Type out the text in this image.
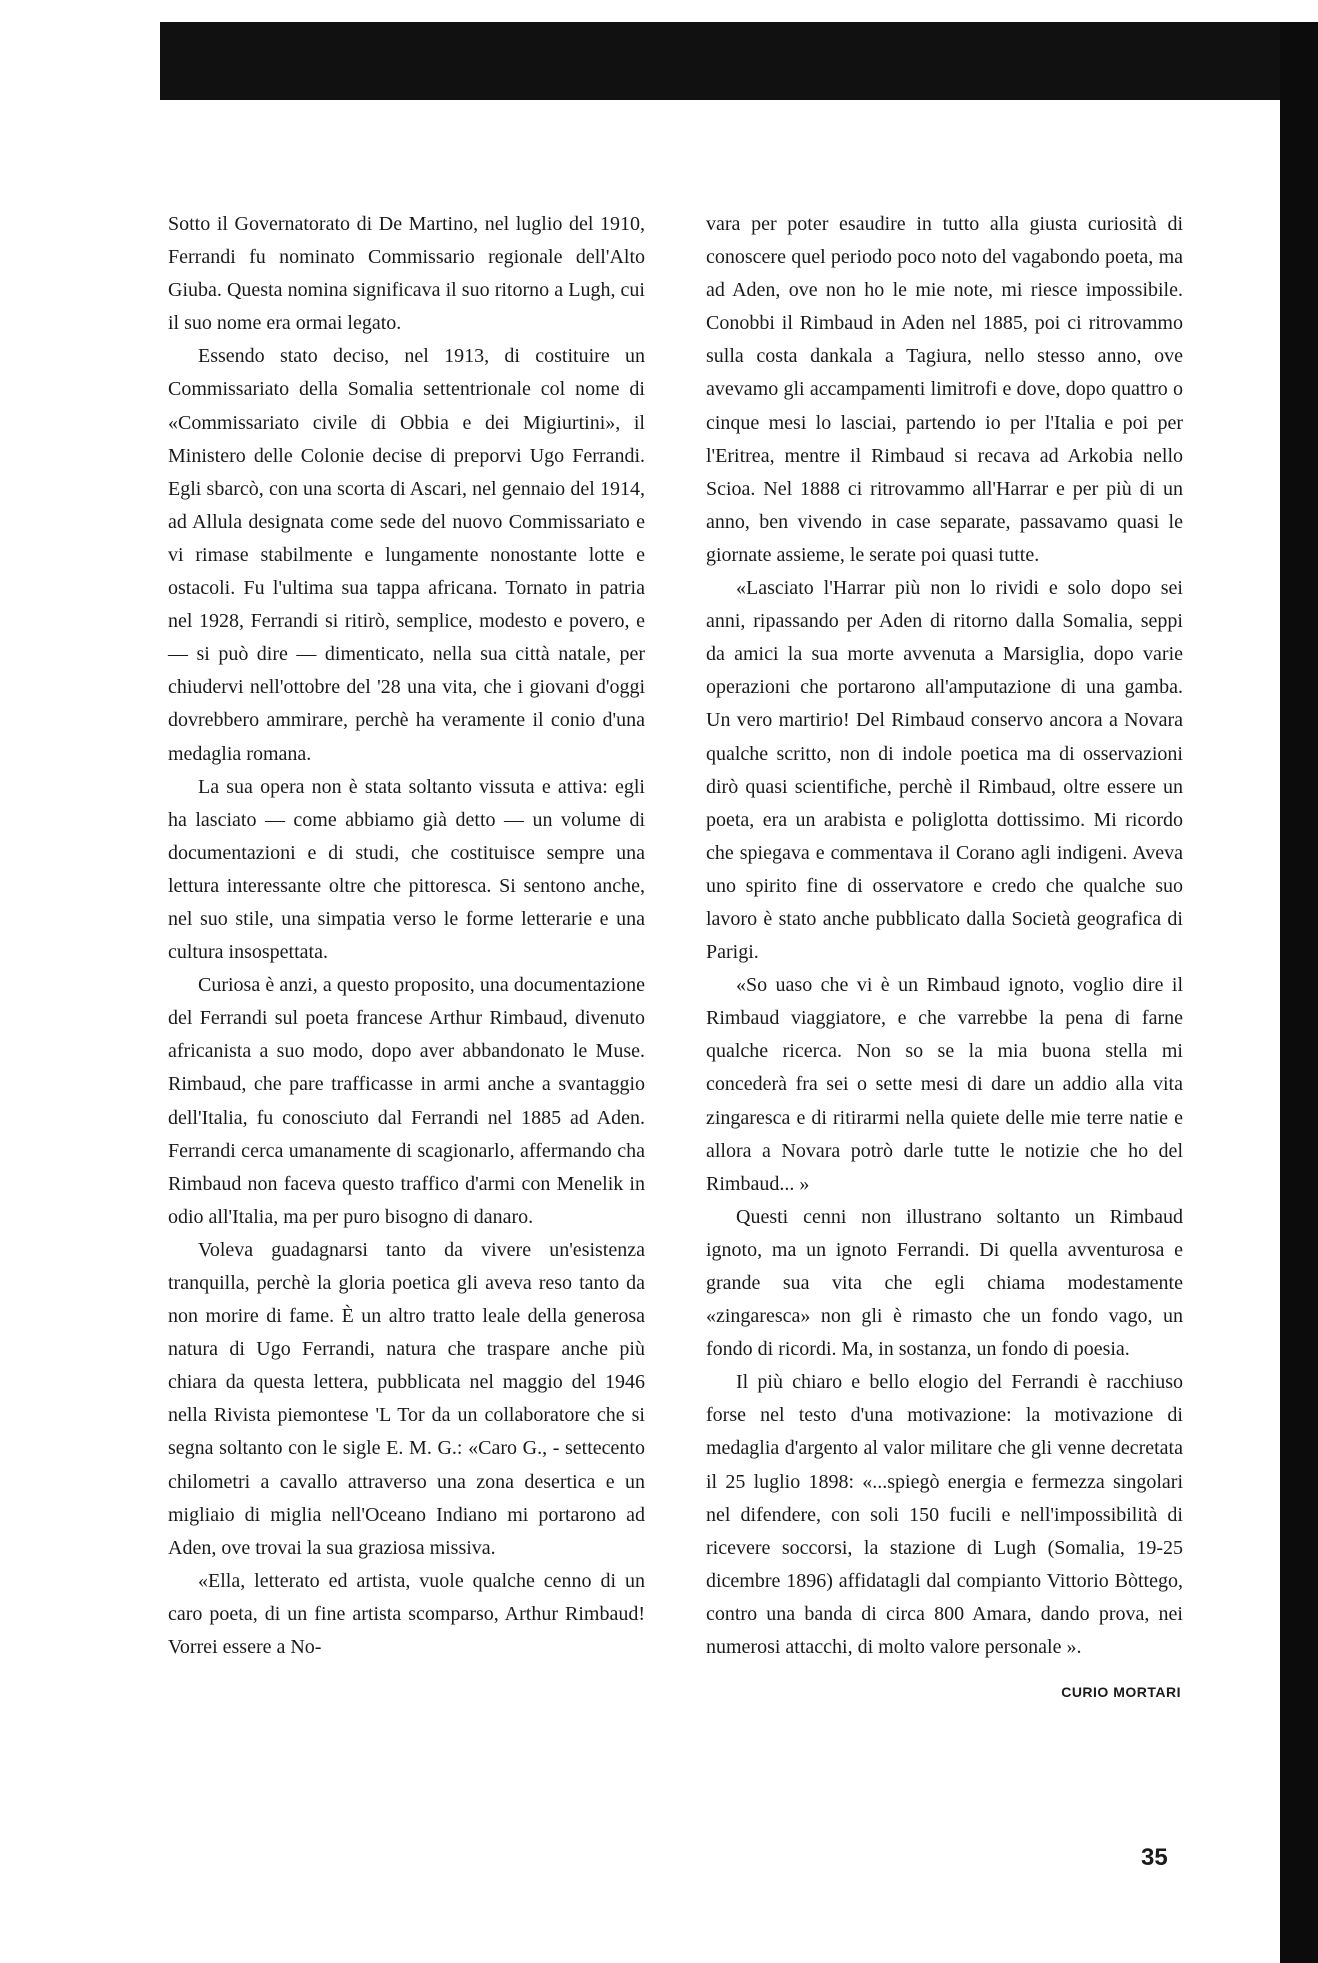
Sotto il Governatorato di De Martino, nel luglio del 1910, Ferrandi fu nominato Commissario regionale dell'Alto Giuba. Questa nomina significava il suo ritorno a Lugh, cui il suo nome era ormai legato.

Essendo stato deciso, nel 1913, di costituire un Commissariato della Somalia settentrionale col nome di «Commissariato civile di Obbia e dei Migiurtini», il Ministero delle Colonie decise di preporvi Ugo Ferrandi. Egli sbarcò, con una scorta di Ascari, nel gennaio del 1914, ad Allula designata come sede del nuovo Commissariato e vi rimase stabilmente e lungamente nonostante lotte e ostacoli. Fu l'ultima sua tappa africana. Tornato in patria nel 1928, Ferrandi si ritirò, semplice, modesto e povero, e — si può dire — dimenticato, nella sua città natale, per chiudervi nell'ottobre del '28 una vita, che i giovani d'oggi dovrebbero ammirare, perchè ha veramente il conio d'una medaglia romana.

La sua opera non è stata soltanto vissuta e attiva: egli ha lasciato — come abbiamo già detto — un volume di documentazioni e di studi, che costituisce sempre una lettura interessante oltre che pittoresca. Si sentono anche, nel suo stile, una simpatia verso le forme letterarie e una cultura insospettata.

Curiosa è anzi, a questo proposito, una documentazione del Ferrandi sul poeta francese Arthur Rimbaud, divenuto africanista a suo modo, dopo aver abbandonato le Muse. Rimbaud, che pare trafficasse in armi anche a svantaggio dell'Italia, fu conosciuto dal Ferrandi nel 1885 ad Aden. Ferrandi cerca umanamente di scagionarlo, affermando cha Rimbaud non faceva questo traffico d'armi con Menelik in odio all'Italia, ma per puro bisogno di danaro.

Voleva guadagnarsi tanto da vivere un'esistenza tranquilla, perchè la gloria poetica gli aveva reso tanto da non morire di fame. È un altro tratto leale della generosa natura di Ugo Ferrandi, natura che traspare anche più chiara da questa lettera, pubblicata nel maggio del 1946 nella Rivista piemontese 'L Tor da un collaboratore che si segna soltanto con le sigle E. M. G.: «Caro G., - settecento chilometri a cavallo attraverso una zona desertica e un migliaio di miglia nell'Oceano Indiano mi portarono ad Aden, ove trovai la sua graziosa missiva.

«Ella, letterato ed artista, vuole qualche cenno di un caro poeta, di un fine artista scomparso, Arthur Rimbaud! Vorrei essere a No-

vara per poter esaudire in tutto alla giusta curiosità di conoscere quel periodo poco noto del vagabondo poeta, ma ad Aden, ove non ho le mie note, mi riesce impossibile. Conobbi il Rimbaud in Aden nel 1885, poi ci ritrovammo sulla costa dankala a Tagiura, nello stesso anno, ove avevamo gli accampamenti limitrofi e dove, dopo quattro o cinque mesi lo lasciai, partendo io per l'Italia e poi per l'Eritrea, mentre il Rimbaud si recava ad Arkobia nello Scioa. Nel 1888 ci ritrovammo all'Harrar e per più di un anno, ben vivendo in case separate, passavamo quasi le giornate assieme, le serate poi quasi tutte.

«Lasciato l'Harrar più non lo rividi e solo dopo sei anni, ripassando per Aden di ritorno dalla Somalia, seppi da amici la sua morte avvenuta a Marsiglia, dopo varie operazioni che portarono all'amputazione di una gamba. Un vero martirio! Del Rimbaud conservo ancora a Novara qualche scritto, non di indole poetica ma di osservazioni dirò quasi scientifiche, perchè il Rimbaud, oltre essere un poeta, era un arabista e poliglotta dottissimo. Mi ricordo che spiegava e commentava il Corano agli indigeni. Aveva uno spirito fine di osservatore e credo che qualche suo lavoro è stato anche pubblicato dalla Società geografica di Parigi.

«So uaso che vi è un Rimbaud ignoto, voglio dire il Rimbaud viaggiatore, e che varrebbe la pena di farne qualche ricerca. Non so se la mia buona stella mi concederà fra sei o sette mesi di dare un addio alla vita zingaresca e di ritirarmi nella quiete delle mie terre natie e allora a Novara potrò darle tutte le notizie che ho del Rimbaud... »

Questi cenni non illustrano soltanto un Rimbaud ignoto, ma un ignoto Ferrandi. Di quella avventurosa e grande sua vita che egli chiama modestamente «zingaresca» non gli è rimasto che un fondo vago, un fondo di ricordi. Ma, in sostanza, un fondo di poesia.

Il più chiaro e bello elogio del Ferrandi è racchiuso forse nel testo d'una motivazione: la motivazione di medaglia d'argento al valor militare che gli venne decretata il 25 luglio 1898: «...spiegò energia e fermezza singolari nel difendere, con soli 150 fucili e nell'impossibilità di ricevere soccorsi, la stazione di Lugh (Somalia, 19-25 dicembre 1896) affidatagli dal compianto Vittorio Bòttego, contro una banda di circa 800 Amara, dando prova, nei numerosi attacchi, di molto valore personale ».

CURIO MORTARI
35
